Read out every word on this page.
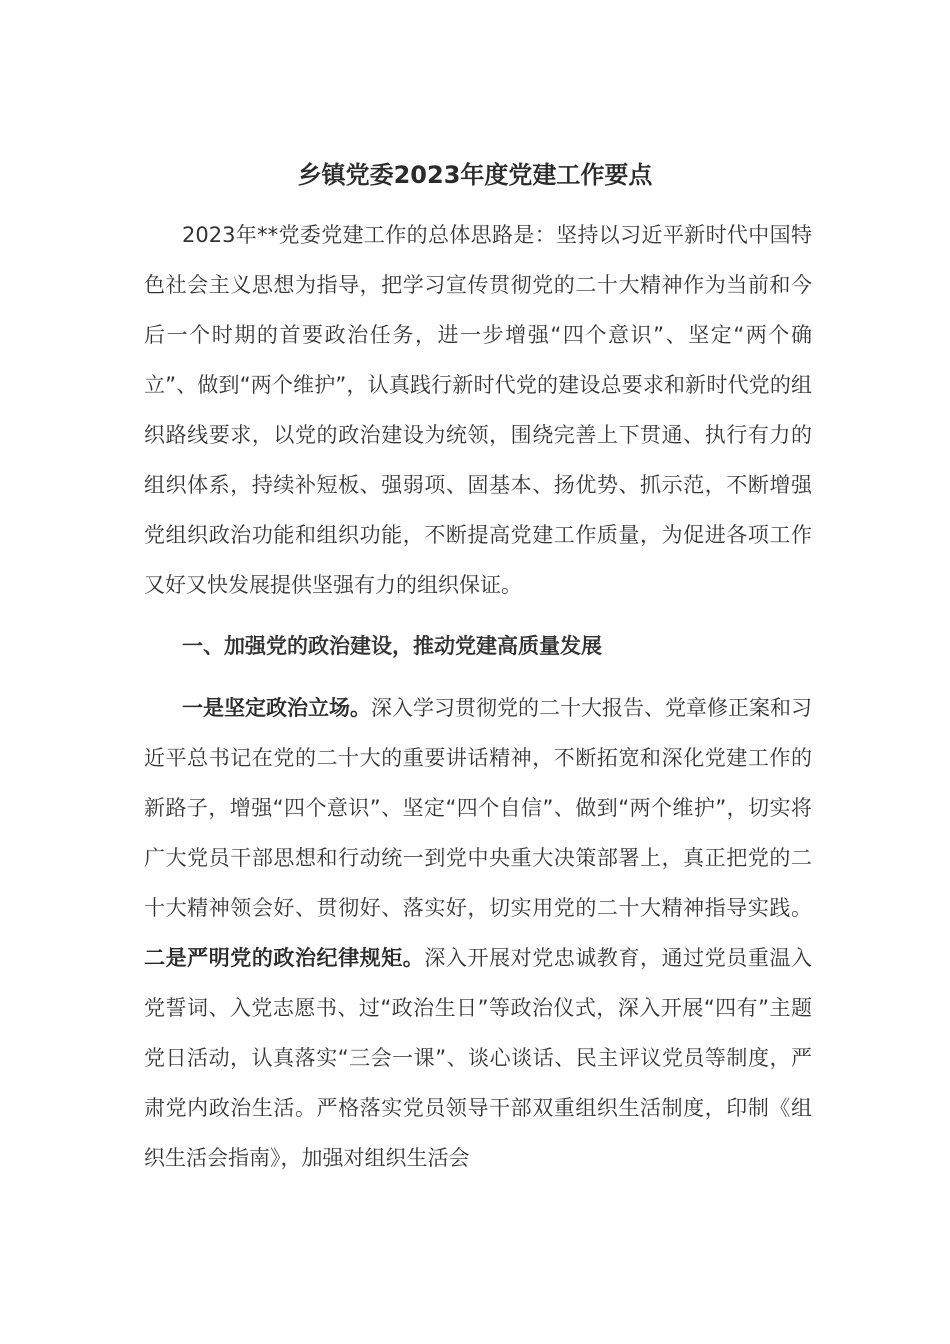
乡镇党委2023年度党建工作要点

2023年**党委党建工作的总体思路是：坚持以习近平新时代中国特色社会主义思想为指导，把学习宣传贯彻党的二十大精神作为当前和今后一个时期的首要政治任务，进一步增强“四个意识”、坚定“两个确立”、做到“两个维护”，认真践行新时代党的建设总要求和新时代党的组织路线要求，以党的政治建设为统领，围绕完善上下贯通、执行有力的组织体系，持续补短板、强弱项、固基本、扬优势、抓示范，不断增强党组织政治功能和组织功能，不断提高党建工作质量，为促进各项工作又好又快发展提供坚强有力的组织保证。

一、加强党的政治建设，推动党建高质量发展

一是坚定政治立场。深入学习贯彻党的二十大报告、党章修正案和习近平总书记在党的二十大的重要讲话精神，不断拓宽和深化党建工作的新路子，增强“四个意识”、坚定“四个自信”、做到“两个维护”，切实将广大党员干部思想和行动统一到党中央重大决策部署上，真正把党的二十大精神领会好、贯彻好、落实好，切实用党的二十大精神指导实践。二是严明党的政治纪律规矩。深入开展对党忠诚教育，通过党员重温入党誓词、入党志愿书、过“政治生日”等政治仪式，深入开展“四有”主题党日活动，认真落实“三会一课”、谈心谈话、民主评议党员等制度，严肃党内政治生活。严格落实党员领导干部双重组织生活制度，印制《组织生活会指南》，加强对组织生活会
